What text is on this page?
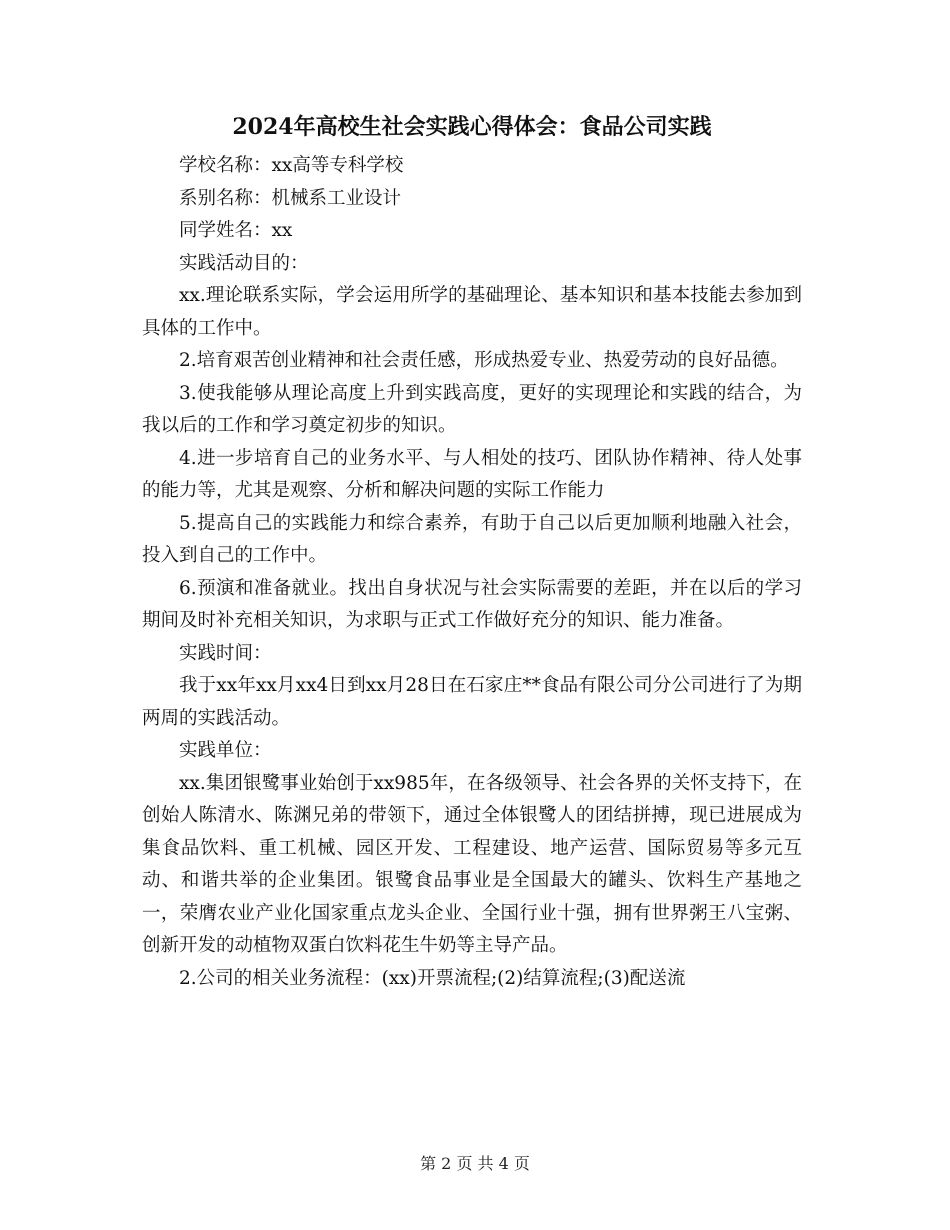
2024年高校生社会实践心得体会：食品公司实践

学校名称：xx高等专科学校

系别名称：机械系工业设计

同学姓名：xx

实践活动目的：

xx.理论联系实际，学会运用所学的基础理论、基本知识和基本技能去参加到具体的工作中。

2.培育艰苦创业精神和社会责任感，形成热爱专业、热爱劳动的良好品德。

3.使我能够从理论高度上升到实践高度，更好的实现理论和实践的结合，为我以后的工作和学习奠定初步的知识。

4.进一步培育自己的业务水平、与人相处的技巧、团队协作精神、待人处事的能力等，尤其是观察、分析和解决问题的实际工作能力

5.提高自己的实践能力和综合素养，有助于自己以后更加顺利地融入社会，投入到自己的工作中。

6.预演和准备就业。找出自身状况与社会实际需要的差距，并在以后的学习期间及时补充相关知识，为求职与正式工作做好充分的知识、能力准备。

实践时间：

我于xx年xx月xx4日到xx月28日在石家庄**食品有限公司分公司进行了为期两周的实践活动。

实践单位：

xx.集团银鹭事业始创于xx985年，在各级领导、社会各界的关怀支持下，在创始人陈清水、陈渊兄弟的带领下，通过全体银鹭人的团结拼搏，现已进展成为集食品饮料、重工机械、园区开发、工程建设、地产运营、国际贸易等多元互动、和谐共举的企业集团。银鹭食品事业是全国最大的罐头、饮料生产基地之一，荣膺农业产业化国家重点龙头企业、全国行业十强，拥有世界粥王八宝粥、创新开发的动植物双蛋白饮料花生牛奶等主导产品。

2.公司的相关业务流程：(xx)开票流程;(2)结算流程;(3)配送流

第 2 页 共 4 页
